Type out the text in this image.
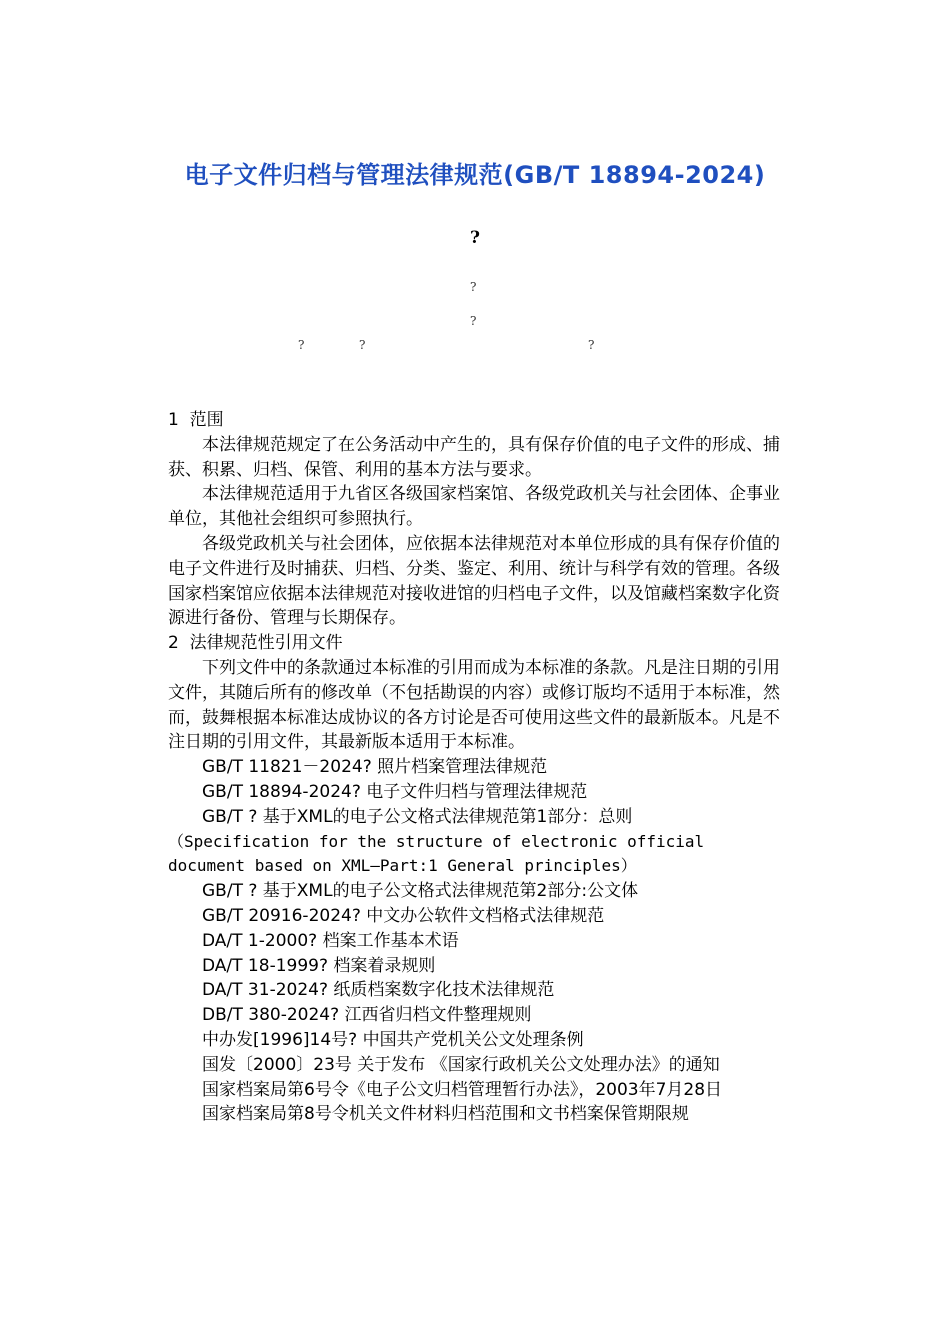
电子文件归档与管理法律规范(GB/T 18894-2024)
?
?
?
?	?	?

1  范围

本法律规范规定了在公务活动中产生的，具有保存价值的电子文件的形成、捕获、积累、归档、保管、利用的基本方法与要求。

本法律规范适用于九省区各级国家档案馆、各级党政机关与社会团体、企事业单位，其他社会组织可参照执行。

各级党政机关与社会团体，应依据本法律规范对本单位形成的具有保存价值的电子文件进行及时捕获、归档、分类、鉴定、利用、统计与科学有效的管理。各级国家档案馆应依据本法律规范对接收进馆的归档电子文件，以及馆藏档案数字化资源进行备份、管理与长期保存。

2  法律规范性引用文件

下列文件中的条款通过本标准的引用而成为本标准的条款。凡是注日期的引用文件，其随后所有的修改单（不包括勘误的内容）或修订版均不适用于本标准，然而，鼓舞根据本标准达成协议的各方讨论是否可使用这些文件的最新版本。凡是不注日期的引用文件，其最新版本适用于本标准。

GB/T 11821－2024? 照片档案管理法律规范

GB/T 18894-2024? 电子文件归档与管理法律规范

GB/T ? 基于XML的电子公文格式法律规范第1部分：总则

（Specification for the structure of electronic official document based on XML—Part:1 General principles）

GB/T ? 基于XML的电子公文格式法律规范第2部分:公文体

GB/T 20916-2024? 中文办公软件文档格式法律规范

DA/T 1-2000? 档案工作基本术语

DA/T 18-1999? 档案着录规则

DA/T 31-2024? 纸质档案数字化技术法律规范

DB/T 380-2024? 江西省归档文件整理规则

中办发[1996]14号? 中国共产党机关公文处理条例

国发〔2000〕23号 关于发布 《国家行政机关公文处理办法》的通知

国家档案局第6号令《电子公文归档管理暂行办法》，2003年7月28日

国家档案局第8号令机关文件材料归档范围和文书档案保管期限规
